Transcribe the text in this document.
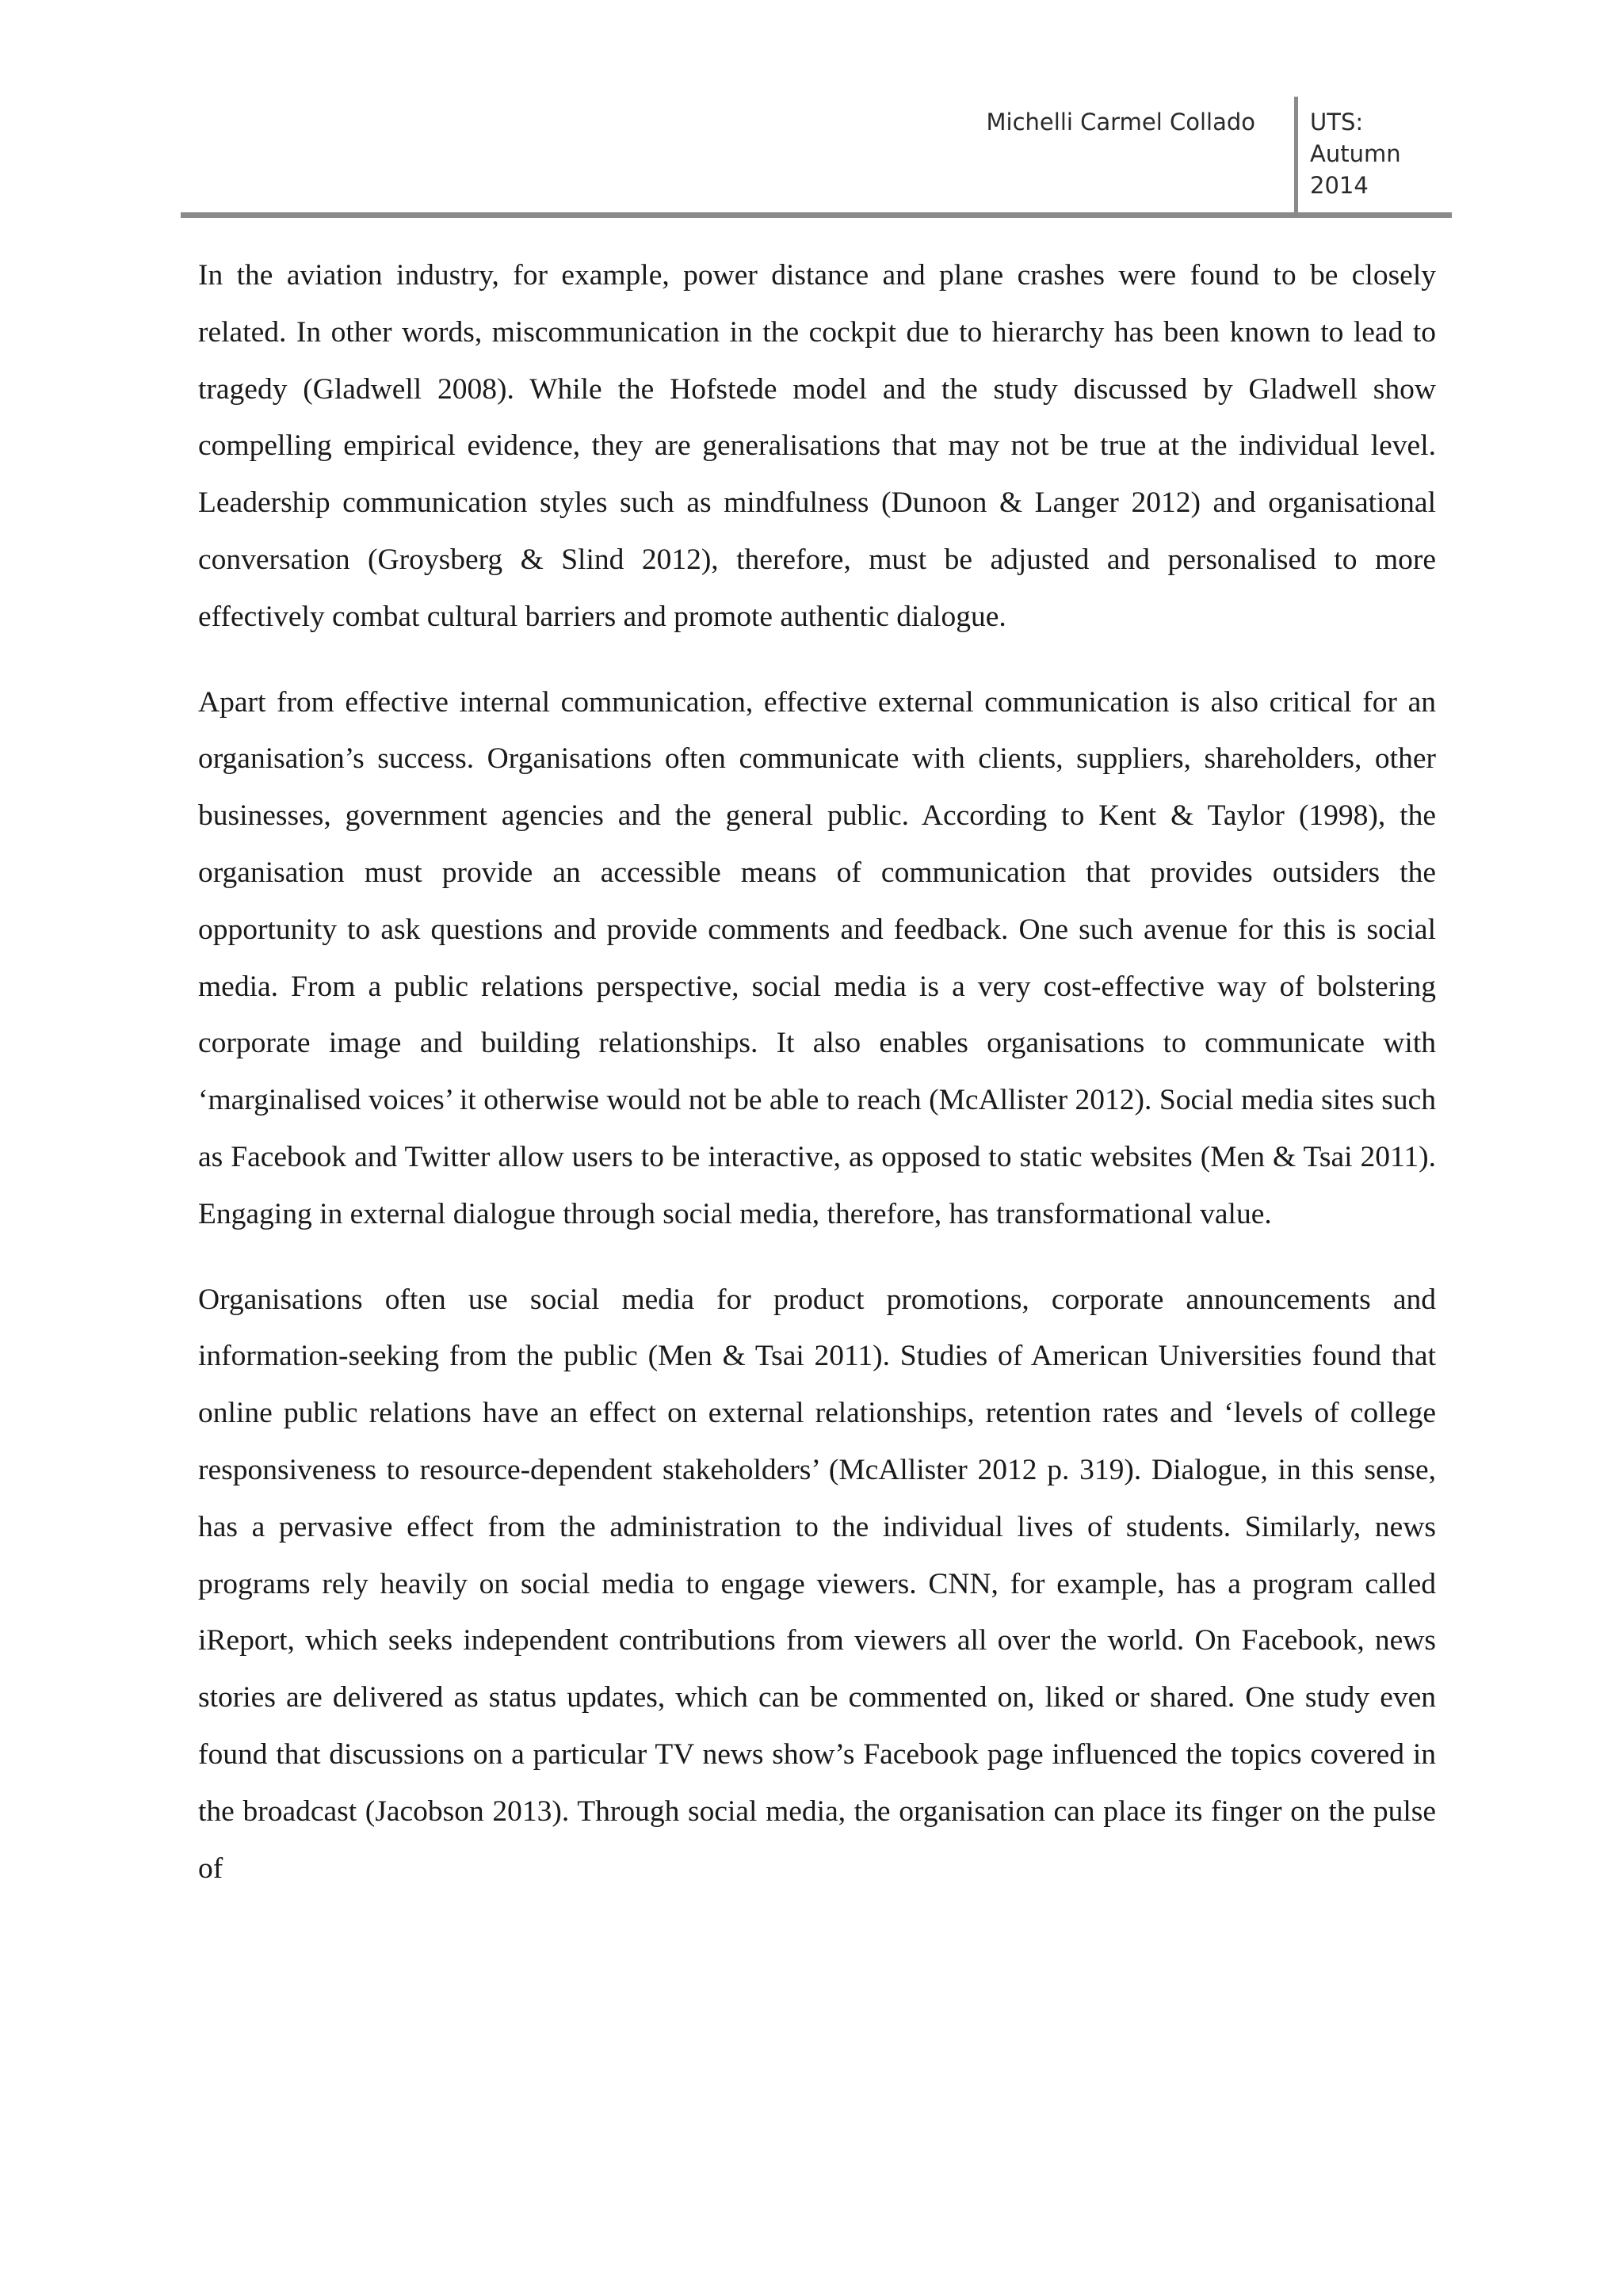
Michelli Carmel Collado UTS:
Autumn
2014

In the aviation industry, for example, power distance and plane crashes were found to be closely related. In other words, miscommunication in the cockpit due to hierarchy has been known to lead to tragedy (Gladwell 2008). While the Hofstede model and the study discussed by Gladwell show compelling empirical evidence, they are generalisations that may not be true at the individual level. Leadership communication styles such as mindfulness (Dunoon & Langer 2012) and organisational conversation (Groysberg & Slind 2012), therefore, must be adjusted and personalised to more effectively combat cultural barriers and promote authentic dialogue.

Apart from effective internal communication, effective external communication is also critical for an organisation’s success. Organisations often communicate with clients, suppliers, shareholders, other businesses, government agencies and the general public. According to Kent & Taylor (1998), the organisation must provide an accessible means of communication that provides outsiders the opportunity to ask questions and provide comments and feedback. One such avenue for this is social media. From a public relations perspective, social media is a very cost-effective way of bolstering corporate image and building relationships. It also enables organisations to communicate with ‘marginalised voices’ it otherwise would not be able to reach (McAllister 2012). Social media sites such as Facebook and Twitter allow users to be interactive, as opposed to static websites (Men & Tsai 2011). Engaging in external dialogue through social media, therefore, has transformational value.

Organisations often use social media for product promotions, corporate announcements and information-seeking from the public (Men & Tsai 2011). Studies of American Universities found that online public relations have an effect on external relationships, retention rates and ‘levels of college responsiveness to resource-dependent stakeholders’ (McAllister 2012 p. 319). Dialogue, in this sense, has a pervasive effect from the administration to the individual lives of students. Similarly, news programs rely heavily on social media to engage viewers. CNN, for example, has a program called iReport, which seeks independent contributions from viewers all over the world. On Facebook, news stories are delivered as status updates, which can be commented on, liked or shared. One study even found that discussions on a particular TV news show’s Facebook page influenced the topics covered in the broadcast (Jacobson 2013). Through social media, the organisation can place its finger on the pulse of
